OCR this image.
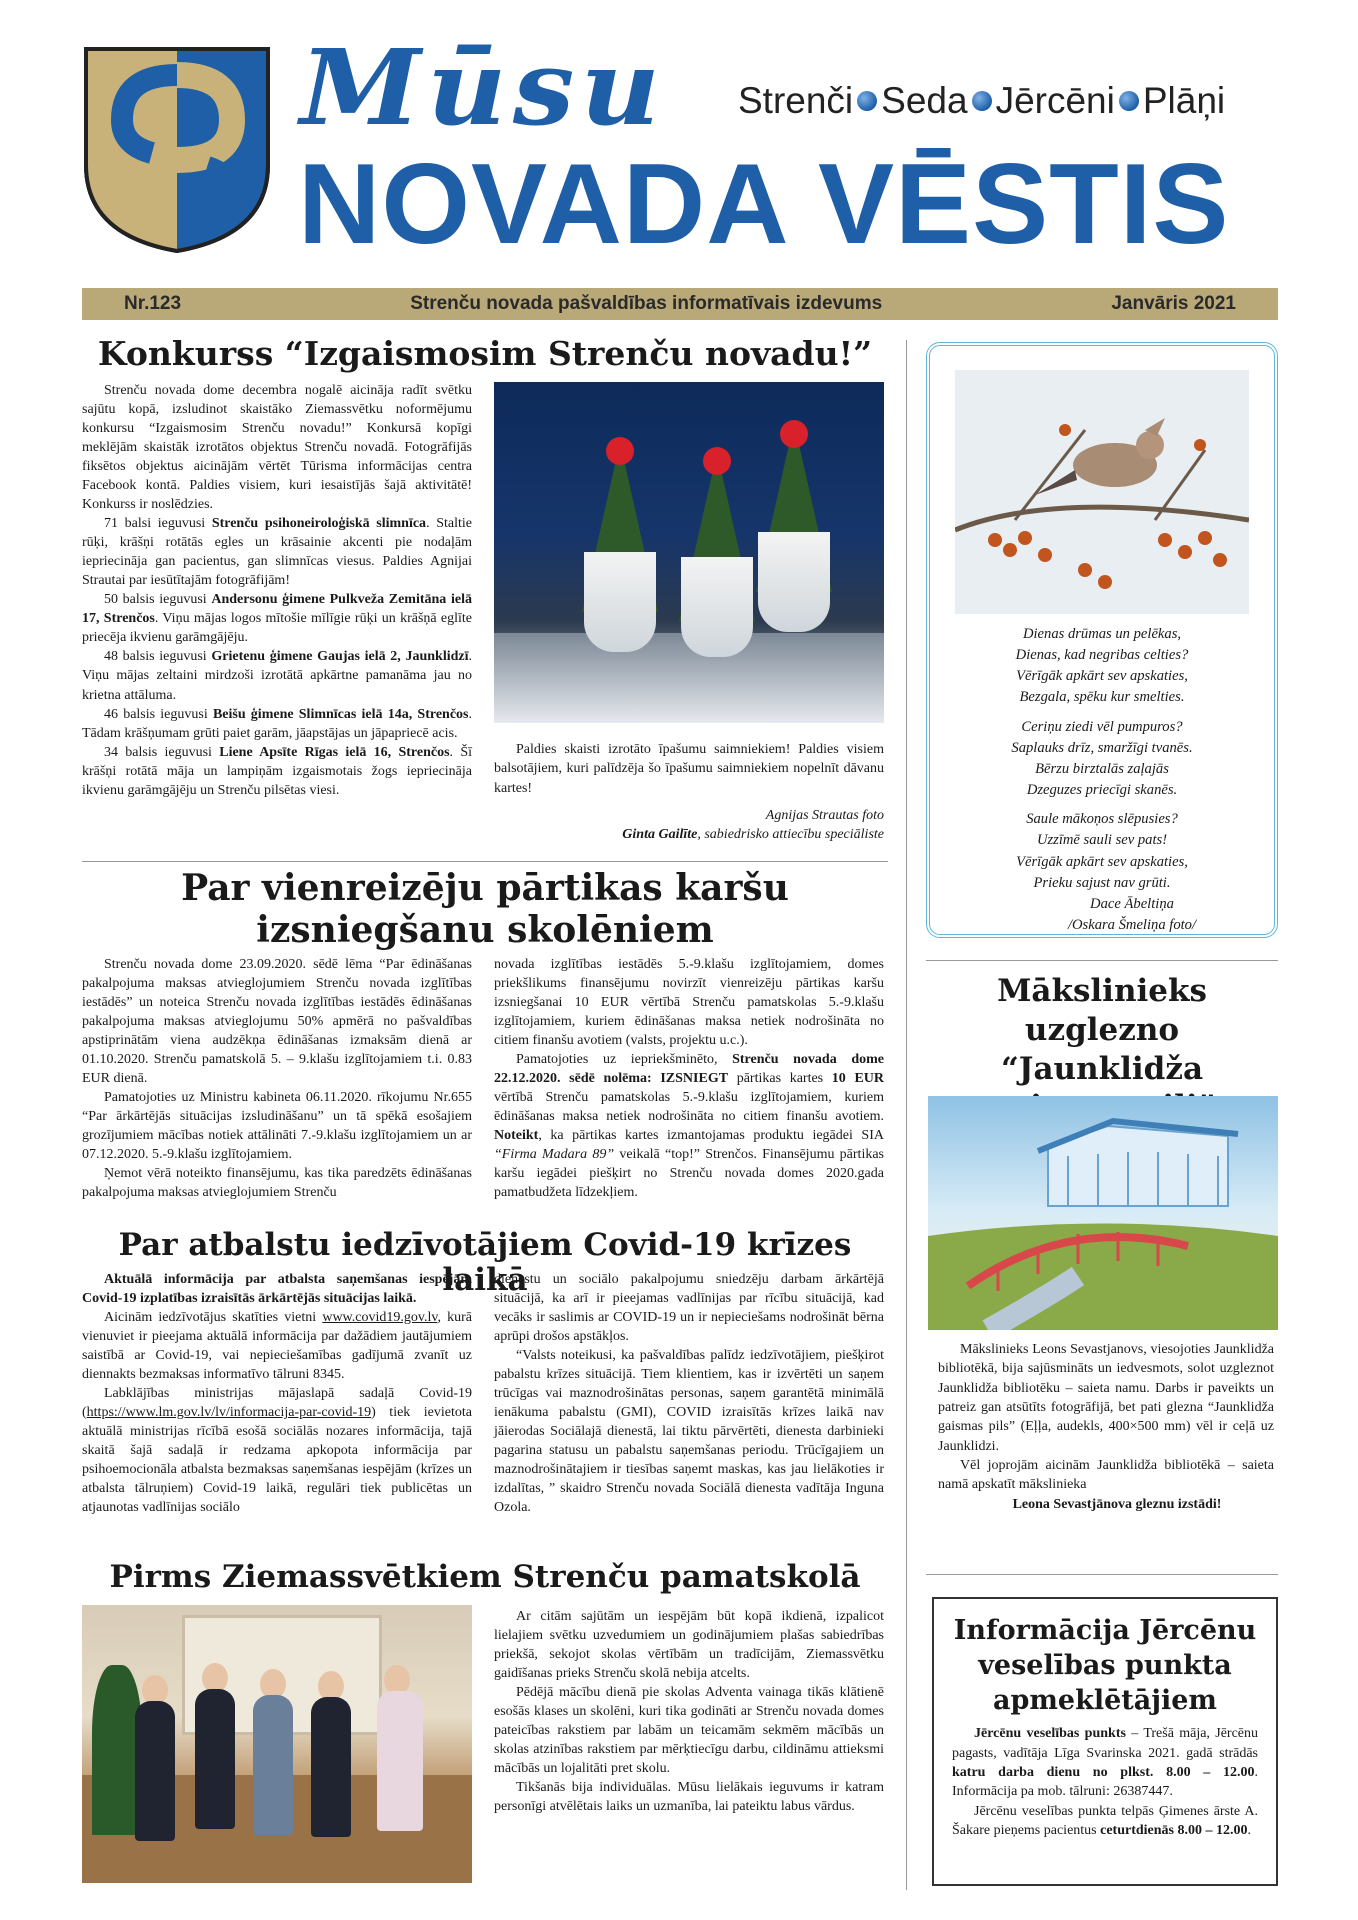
Mūsu
NOVADA VĒSTIS
Strenči Seda Jērcēni Plāņi
Nr.123	Strenču novada pašvaldības informatīvais izdevums	Janvāris 2021
Konkurss “Izgaismosim Strenču novadu!”

Strenču novada dome decembra nogalē aicināja radīt svētku sajūtu kopā, izsludinot skaistāko Ziemassvētku noformējumu konkursu “Izgaismosim Strenču novadu!” Konkursā kopīgi meklējām skaistāk izrotātos objektus Strenču novadā. Fotogrāfijās fiksētos objektus aicinājām vērtēt Tūrisma informācijas centra Facebook kontā. Paldies visiem, kuri iesaistījās šajā aktivitātē! Konkurss ir noslēdzies.

71 balsi ieguvusi Strenču psihoneiroloģiskā slimnīca. Staltie rūķi, krāšņi rotātās egles un krāsainie akcenti pie nodaļām iepriecināja gan pacientus, gan slimnīcas viesus. Paldies Agnijai Strautai par iesūtītajām fotogrāfijām!

50 balsis ieguvusi Andersonu ģimene Pulkveža Zemitāna ielā 17, Strenčos. Viņu mājas logos mītošie mīlīgie rūķi un krāšņā eglīte priecēja ikvienu garāmgājēju.

48 balsis ieguvusi Grietenu ģimene Gaujas ielā 2, Jaunklidzī. Viņu mājas zeltaini mirdzoši izrotātā apkārtne pamanāma jau no krietna attāluma.

46 balsis ieguvusi Beišu ģimene Slimnīcas ielā 14a, Strenčos. Tādam krāšņumam grūti paiet garām, jāapstājas un jāpapriecē acis.

34 balsis ieguvusi Liene Apsīte Rīgas ielā 16, Strenčos. Šī krāšņi rotātā māja un lampiņām izgaismotais žogs iepriecināja ikvienu garāmgājēju un Strenču pilsētas viesi.

Paldies skaisti izrotāto īpašumu saimniekiem! Paldies visiem balsotājiem, kuri palīdzēja šo īpašumu saimniekiem nopelnīt dāvanu kartes!

Agnijas Strautas foto

Ginta Gailīte, sabiedrisko attiecību speciāliste

Dienas drūmas un pelēkas,
Dienas, kad negribas celties?
Vērīgāk apkārt sev apskaties,
Bezgala, spēku kur smelties.
Ceriņu ziedi vēl pumpuros?
Saplauks drīz, smaržīgi tvanēs.
Bērzu birztalās zaļajās
Dzeguzes priecīgi skanēs.
Saule mākoņos slēpusies?
Uzzīmē sauli sev pats!
Vērīgāk apkārt sev apskaties,
Prieku sajust nav grūti.
Dace Ābeltiņa
/Oskara Šmeliņa foto/
Par vienreizēju pārtikas karšu
izsniegšanu skolēniem

Strenču novada dome 23.09.2020. sēdē lēma “Par ēdināšanas pakalpojuma maksas atvieglojumiem Strenču novada izglītības iestādēs” un noteica Strenču novada izglītības iestādēs ēdināšanas pakalpojuma maksas atvieglojumu 50% apmērā no pašvaldības apstiprinātām viena audzēkņa ēdināšanas izmaksām dienā ar 01.10.2020. Strenču pamatskolā 5. – 9.klašu izglītojamiem t.i. 0.83 EUR dienā.

Pamatojoties uz Ministru kabineta 06.11.2020. rīkojumu Nr.655 “Par ārkārtējās situācijas izsludināšanu” un tā spēkā esošajiem grozījumiem mācības notiek attālināti 7.-9.klašu izglītojamiem un ar 07.12.2020. 5.-9.klašu izglītojamiem.

Ņemot vērā noteikto finansējumu, kas tika paredzēts ēdināšanas pakalpojuma maksas atvieglojumiem Strenču

novada izglītības iestādēs 5.-9.klašu izglītojamiem, domes priekšlikums finansējumu novirzīt vienreizēju pārtikas karšu izsniegšanai 10 EUR vērtībā Strenču pamatskolas 5.-9.klašu izglītojamiem, kuriem ēdināšanas maksa netiek nodrošināta no citiem finanšu avotiem (valsts, projektu u.c.).

Pamatojoties uz iepriekšminēto, Strenču novada dome 22.12.2020. sēdē nolēma: IZSNIEGT pārtikas kartes 10 EUR vērtībā Strenču pamatskolas 5.-9.klašu izglītojamiem, kuriem ēdināšanas maksa netiek nodrošināta no citiem finanšu avotiem. Noteikt, ka pārtikas kartes izmantojamas produktu iegādei SIA “Firma Madara 89” veikalā “top!” Strenčos. Finansējumu pārtikas karšu iegādei piešķirt no Strenču novada domes 2020.gada pamatbudžeta līdzekļiem.

Par atbalstu iedzīvotājiem Covid-19 krīzes laikā

Aktuālā informācija par atbalsta saņemšanas iespējām Covid-19 izplatības izraisītās ārkārtējās situācijas laikā.

Aicinām iedzīvotājus skatīties vietni www.covid19.gov.lv, kurā vienuviet ir pieejama aktuālā informācija par dažādiem jautājumiem saistībā ar Covid-19, vai nepieciešamības gadījumā zvanīt uz diennakts bezmaksas informatīvo tālruni 8345.

Labklājības ministrijas mājaslapā sadaļā Covid-19 (https://www.lm.gov.lv/lv/informacija-par-covid-19) tiek ievietota aktuālā ministrijas rīcībā esošā sociālās nozares informācija, tajā skaitā šajā sadaļā ir redzama apkopota informācija par psihoemocionāla atbalsta bezmaksas saņemšanas iespējām (krīzes un atbalsta tālruņiem) Covid-19 laikā, regulāri tiek publicētas un atjaunotas vadlīnijas sociālo

dienestu un sociālo pakalpojumu sniedzēju darbam ārkārtējā situācijā, ka arī ir pieejamas vadlīnijas par rīcību situācijā, kad vecāks ir saslimis ar COVID-19 un ir nepieciešams nodrošināt bērna aprūpi drošos apstākļos.

“Valsts noteikusi, ka pašvaldības palīdz iedzīvotājiem, piešķirot pabalstu krīzes situācijā. Tiem klientiem, kas ir izvērtēti un saņem trūcīgas vai maznodrošinātas personas, saņem garantētā minimālā ienākuma pabalstu (GMI), COVID izraisītās krīzes laikā nav jāierodas Sociālajā dienestā, lai tiktu pārvērtēti, dienesta darbinieki pagarina statusu un pabalstu saņemšanas periodu. Trūcīgajiem un maznodrošinātajiem ir tiesības saņemt maskas, kas jau lielākoties ir izdalītas, ” skaidro Strenču novada Sociālā dienesta vadītāja Inguna Ozola.

Pirms Ziemassvētkiem Strenču pamatskolā

Ar citām sajūtām un iespējām būt kopā ikdienā, izpalicot lielajiem svētku uzvedumiem un godinājumiem plašas sabiedrības priekšā, sekojot skolas vērtībām un tradīcijām, Ziemassvētku gaidīšanas prieks Strenču skolā nebija atcelts.

Pēdējā mācību dienā pie skolas Adventa vainaga tikās klātienē esošās klases un skolēni, kuri tika godināti ar Strenču novada domes pateicības rakstiem par labām un teicamām sekmēm mācībās un skolas atzinības rakstiem par mērķtiecīgu darbu, cildināmu attieksmi mācībās un lojalitāti pret skolu.

Tikšanās bija individuālas. Mūsu lielākais ieguvums ir katram personīgi atvēlētais laiks un uzmanība, lai pateiktu labus vārdus.

Mākslinieks
uzglezno “Jaunklidža

Mākslinieks Leons Sevastjanovs, viesojoties Jaunklidža bibliotēkā, bija sajūsmināts un iedvesmots, solot uzgleznot Jaunklidža bibliotēku – saieta namu. Darbs ir paveikts un patreiz gan atsūtīts fotogrāfijā, bet pati glezna “Jaunklidža gaismas pils” (Eļļa, audekls, 400×500 mm) vēl ir ceļā uz Jaunklidzi.

Vēl joprojām aicinām Jaunklidža bibliotēkā – saieta namā apskatīt mākslinieka

Leona Sevastjānova gleznu izstādi!

Informācija Jērcēnu
veselības punkta
apmeklētājiem

Jērcēnu veselības punkts – Trešā māja, Jērcēnu pagasts, vadītāja Līga Svarinska 2021. gadā strādās katru darba dienu no plkst. 8.00 – 12.00. Informācija pa mob. tālruni: 26387447.

Jērcēnu veselības punkta telpās Ģimenes ārste A. Šakare pieņems pacientus ceturtdienās 8.00 – 12.00.
